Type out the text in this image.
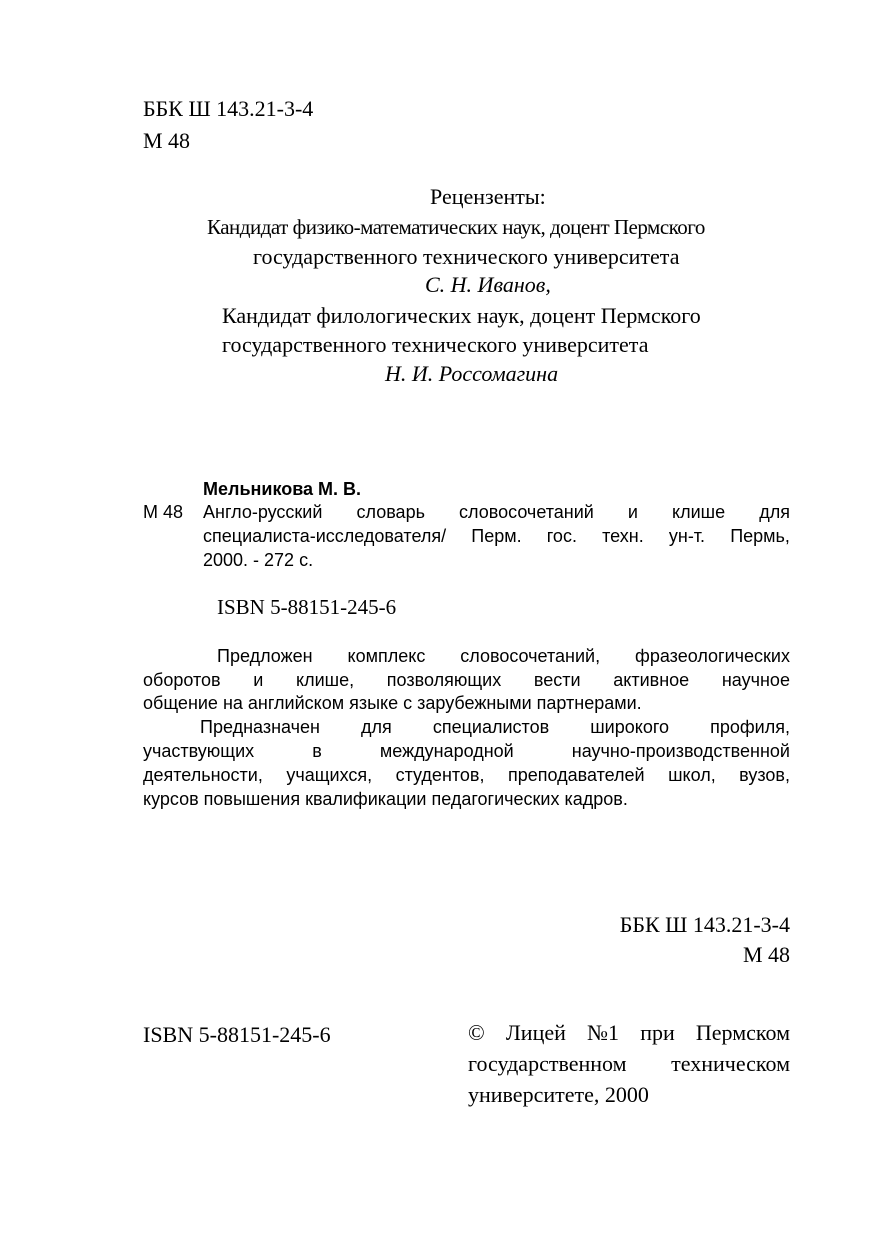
ББК Ш 143.21-3-4
М 48
Рецензенты:
Кандидат физико-математических наук, доцент Пермского
государственного технического университета
С. Н. Иванов,
Кандидат филологических наук, доцент Пермского
государственного технического университета
Н. И. Россомагина
Мельникова М. В.
М 48 Англо-русский словарь словосочетаний и клише для
специалиста-исследователя/ Перм. гос. техн. ун-т. Пермь,
2000. - 272 с.
ISBN 5-88151-245-6
Предложен комплекс словосочетаний, фразеологических
оборотов и клише, позволяющих вести активное научное
общение на английском языке с зарубежными партнерами.
Предназначен для специалистов широкого профиля,
участвующих	в	международной	научно-производственной
деятельности, учащихся, студентов, преподавателей школ, вузов,
курсов повышения квалификации педагогических кадров.
ББК Ш 143.21-3-4
М 48
ISBN 5-88151-245-6	© Лицей №1 при Пермском
государственном техническом
университете, 2000
